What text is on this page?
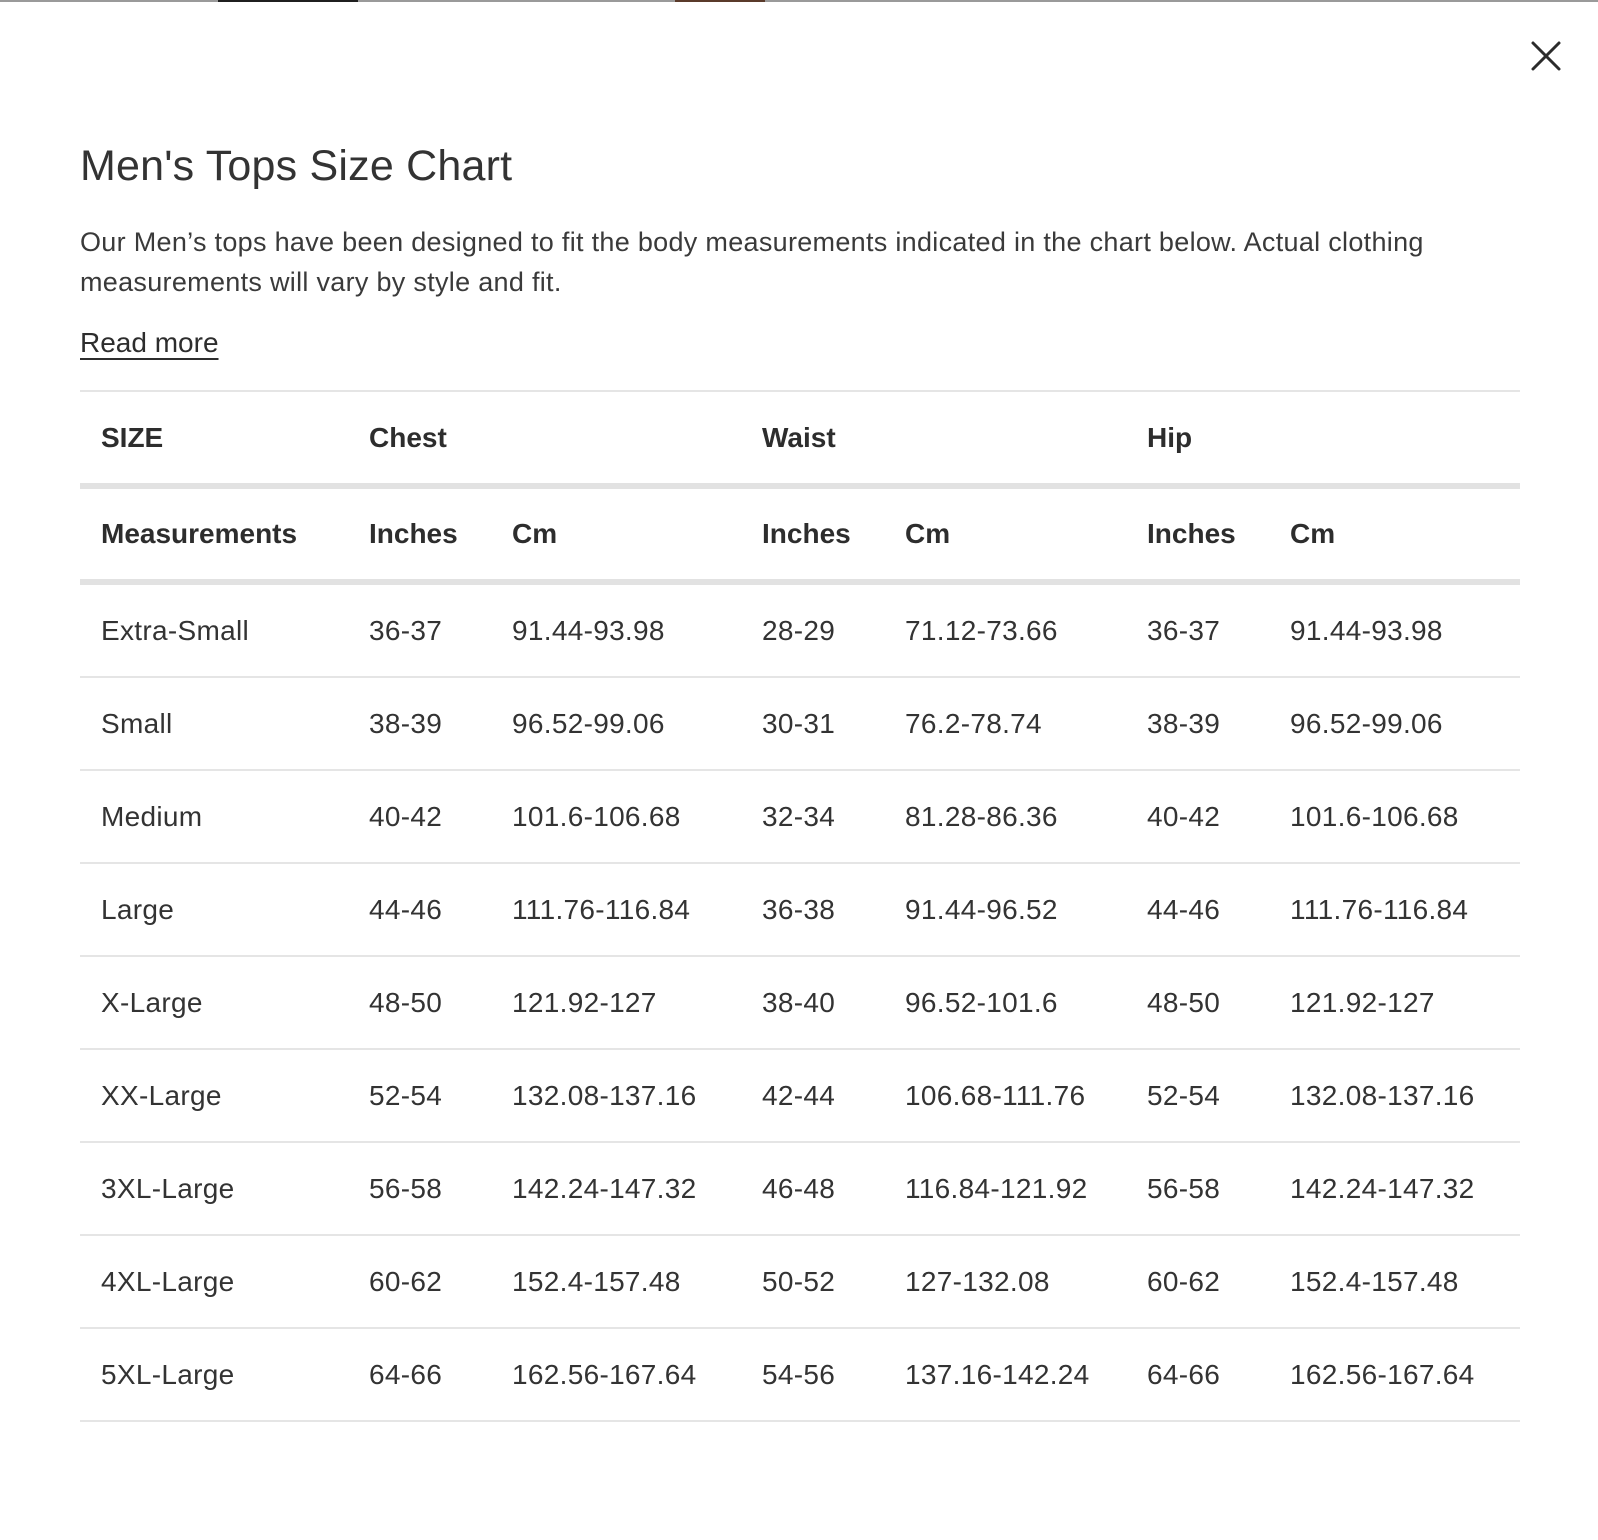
Men's Tops Size Chart

Our Men’s tops have been designed to fit the body measurements indicated in the chart below. Actual clothing measurements will vary by style and fit.

Read more
SIZE	Chest		Waist		Hip	
Measurements	Inches	Cm	Inches	Cm	Inches	Cm
Extra-Small	36-37	91.44-93.98	28-29	71.12-73.66	36-37	91.44-93.98
Small	38-39	96.52-99.06	30-31	76.2-78.74	38-39	96.52-99.06
Medium	40-42	101.6-106.68	32-34	81.28-86.36	40-42	101.6-106.68
Large	44-46	111.76-116.84	36-38	91.44-96.52	44-46	111.76-116.84
X-Large	48-50	121.92-127	38-40	96.52-101.6	48-50	121.92-127
XX-Large	52-54	132.08-137.16	42-44	106.68-111.76	52-54	132.08-137.16
3XL-Large	56-58	142.24-147.32	46-48	116.84-121.92	56-58	142.24-147.32
4XL-Large	60-62	152.4-157.48	50-52	127-132.08	60-62	152.4-157.48
5XL-Large	64-66	162.56-167.64	54-56	137.16-142.24	64-66	162.56-167.64
